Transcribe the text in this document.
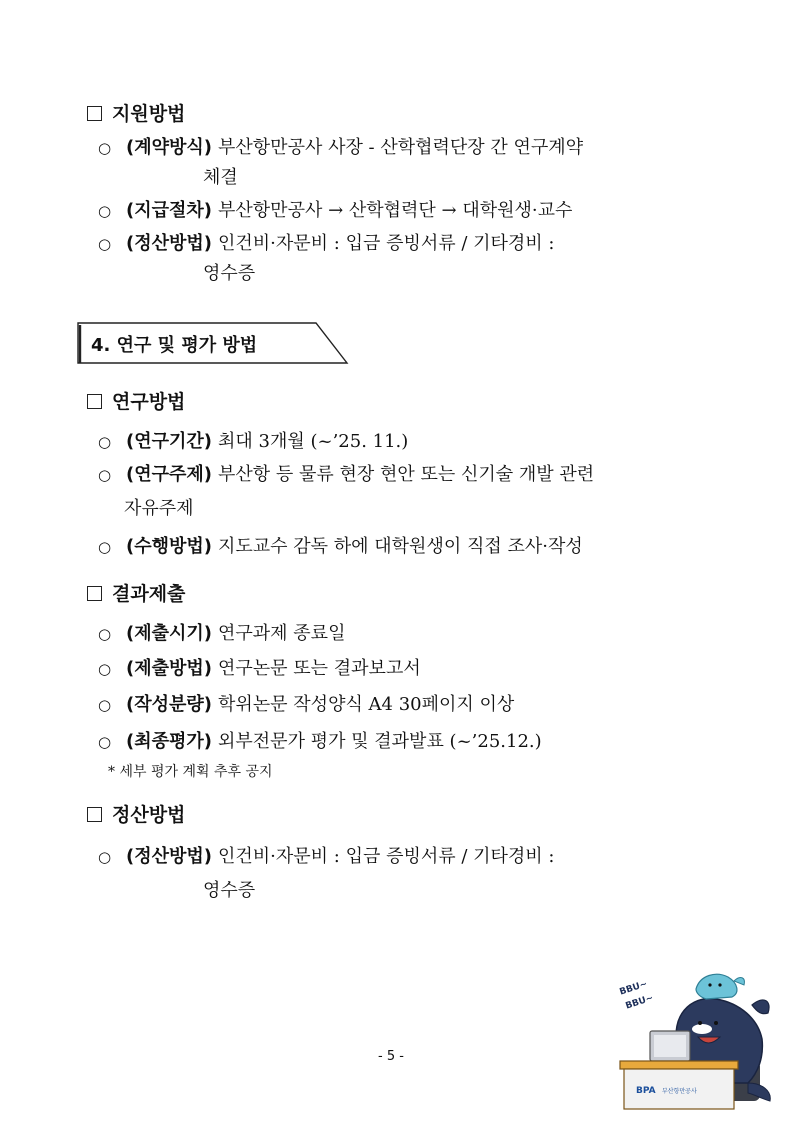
지원방법
○ (계약방식) 부산항만공사 사장 - 산학협력단장 간 연구계약
체결
○ (지급절차) 부산항만공사 → 산학협력단 → 대학원생·교수
○ (정산방법) 인건비·자문비 : 입금 증빙서류 / 기타경비 :
영수증
4. 연구 및 평가 방법
연구방법
○ (연구기간) 최대 3개월 (~’25. 11.)
○ (연구주제) 부산항 등 물류 현장 현안 또는 신기술 개발 관련
자유주제
○ (수행방법) 지도교수 감독 하에 대학원생이 직접 조사·작성
결과제출
○ (제출시기) 연구과제 종료일
○ (제출방법) 연구논문 또는 결과보고서
○ (작성분량) 학위논문 작성양식 A4 30페이지 이상
○ (최종평가) 외부전문가 평가 및 결과발표 (~’25.12.)
* 세부 평가 계획 추후 공지
정산방법
○ (정산방법) 인건비·자문비 : 입금 증빙서류 / 기타경비 :
영수증
- 5 -
BBU~
BBU~
BPA 부산항만공사
